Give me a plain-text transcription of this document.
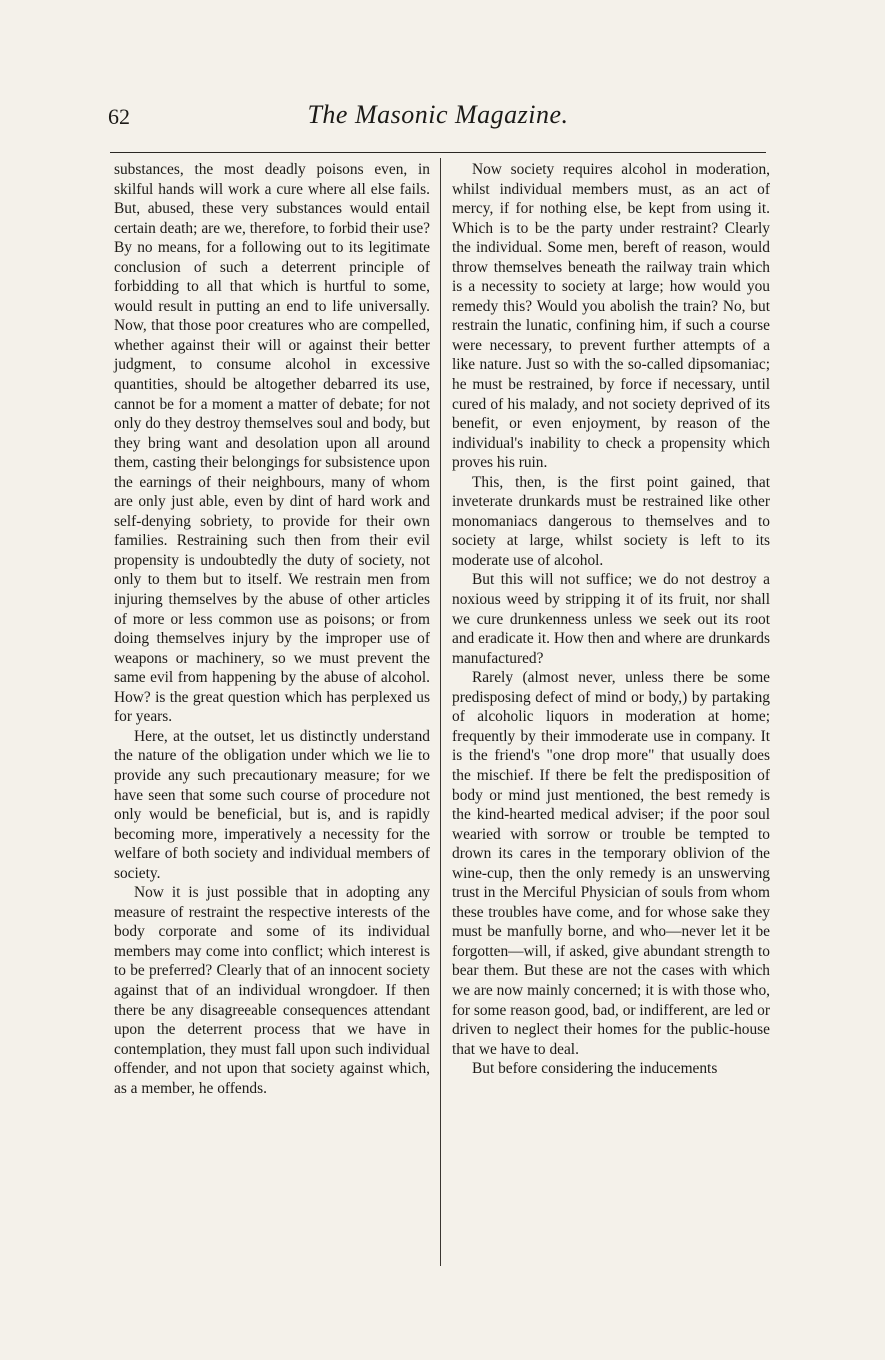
62	The Masonic Magazine.

substances, the most deadly poisons even, in skilful hands will work a cure where all else fails. But, abused, these very substances would entail certain death; are we, therefore, to forbid their use? By no means, for a following out to its legitimate conclusion of such a deterrent principle of forbidding to all that which is hurtful to some, would result in putting an end to life universally. Now, that those poor creatures who are compelled, whether against their will or against their better judgment, to consume alcohol in excessive quantities, should be altogether debarred its use, cannot be for a moment a matter of debate; for not only do they destroy themselves soul and body, but they bring want and desolation upon all around them, casting their belongings for subsistence upon the earnings of their neighbours, many of whom are only just able, even by dint of hard work and self-denying sobriety, to provide for their own families. Restraining such then from their evil propensity is undoubtedly the duty of society, not only to them but to itself. We restrain men from injuring themselves by the abuse of other articles of more or less common use as poisons; or from doing themselves injury by the improper use of weapons or machinery, so we must prevent the same evil from happening by the abuse of alcohol. How? is the great question which has perplexed us for years.

Here, at the outset, let us distinctly understand the nature of the obligation under which we lie to provide any such precautionary measure; for we have seen that some such course of procedure not only would be beneficial, but is, and is rapidly becoming more, imperatively a necessity for the welfare of both society and individual members of society.

Now it is just possible that in adopting any measure of restraint the respective interests of the body corporate and some of its individual members may come into conflict; which interest is to be preferred? Clearly that of an innocent society against that of an individual wrongdoer. If then there be any disagreeable consequences attendant upon the deterrent process that we have in contemplation, they must fall upon such individual offender, and not upon that society against which, as a member, he offends.

Now society requires alcohol in moderation, whilst individual members must, as an act of mercy, if for nothing else, be kept from using it. Which is to be the party under restraint? Clearly the individual. Some men, bereft of reason, would throw themselves beneath the railway train which is a necessity to society at large; how would you remedy this? Would you abolish the train? No, but restrain the lunatic, confining him, if such a course were necessary, to prevent further attempts of a like nature. Just so with the so-called dipsomaniac; he must be restrained, by force if necessary, until cured of his malady, and not society deprived of its benefit, or even enjoyment, by reason of the individual's inability to check a propensity which proves his ruin.

This, then, is the first point gained, that inveterate drunkards must be restrained like other monomaniacs dangerous to themselves and to society at large, whilst society is left to its moderate use of alcohol.

But this will not suffice; we do not destroy a noxious weed by stripping it of its fruit, nor shall we cure drunkenness unless we seek out its root and eradicate it. How then and where are drunkards manufactured?

Rarely (almost never, unless there be some predisposing defect of mind or body,) by partaking of alcoholic liquors in moderation at home; frequently by their immoderate use in company. It is the friend's "one drop more" that usually does the mischief. If there be felt the predisposition of body or mind just mentioned, the best remedy is the kind-hearted medical adviser; if the poor soul wearied with sorrow or trouble be tempted to drown its cares in the temporary oblivion of the wine-cup, then the only remedy is an unswerving trust in the Merciful Physician of souls from whom these troubles have come, and for whose sake they must be manfully borne, and who—never let it be forgotten—will, if asked, give abundant strength to bear them. But these are not the cases with which we are now mainly concerned; it is with those who, for some reason good, bad, or indifferent, are led or driven to neglect their homes for the public-house that we have to deal.

But before considering the inducements
